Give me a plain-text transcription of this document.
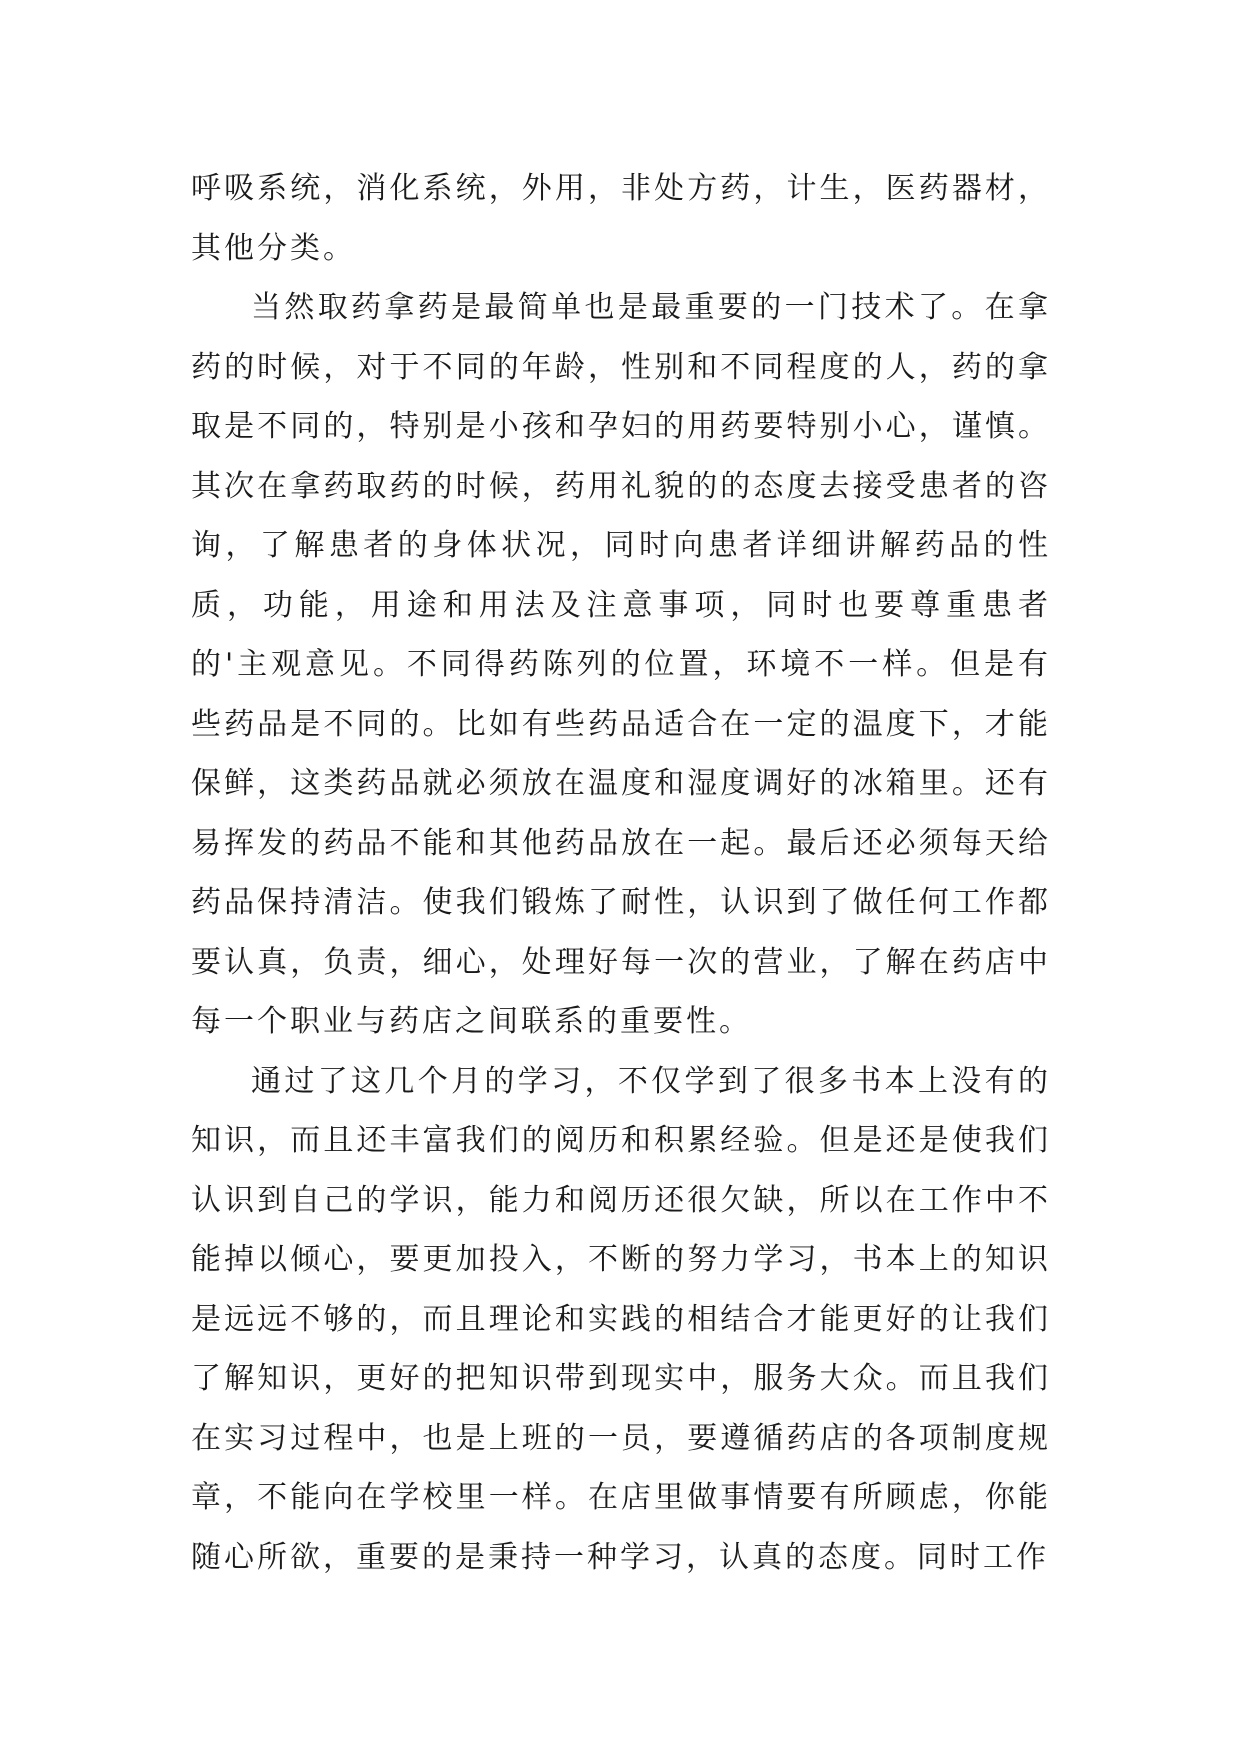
呼吸系统，消化系统，外用，非处方药，计生，医药器材，其他分类。

当然取药拿药是最简单也是最重要的一门技术了。在拿药的时候，对于不同的年龄，性别和不同程度的人，药的拿取是不同的，特别是小孩和孕妇的用药要特别小心，谨慎。其次在拿药取药的时候，药用礼貌的的态度去接受患者的咨询，了解患者的身体状况，同时向患者详细讲解药品的性质，功能，用途和用法及注意事项，同时也要尊重患者的'主观意见。不同得药陈列的位置，环境不一样。但是有些药品是不同的。比如有些药品适合在一定的温度下，才能保鲜，这类药品就必须放在温度和湿度调好的冰箱里。还有易挥发的药品不能和其他药品放在一起。最后还必须每天给药品保持清洁。使我们锻炼了耐性，认识到了做任何工作都要认真，负责，细心，处理好每一次的营业，了解在药店中每一个职业与药店之间联系的重要性。

通过了这几个月的学习，不仅学到了很多书本上没有的知识，而且还丰富我们的阅历和积累经验。但是还是使我们认识到自己的学识，能力和阅历还很欠缺，所以在工作中不能掉以倾心，要更加投入，不断的努力学习，书本上的知识是远远不够的，而且理论和实践的相结合才能更好的让我们了解知识，更好的把知识带到现实中，服务大众。而且我们在实习过程中，也是上班的一员，要遵循药店的各项制度规章，不能向在学校里一样。在店里做事情要有所顾虑，你能随心所欲，重要的是秉持一种学习，认真的态度。同时工作
